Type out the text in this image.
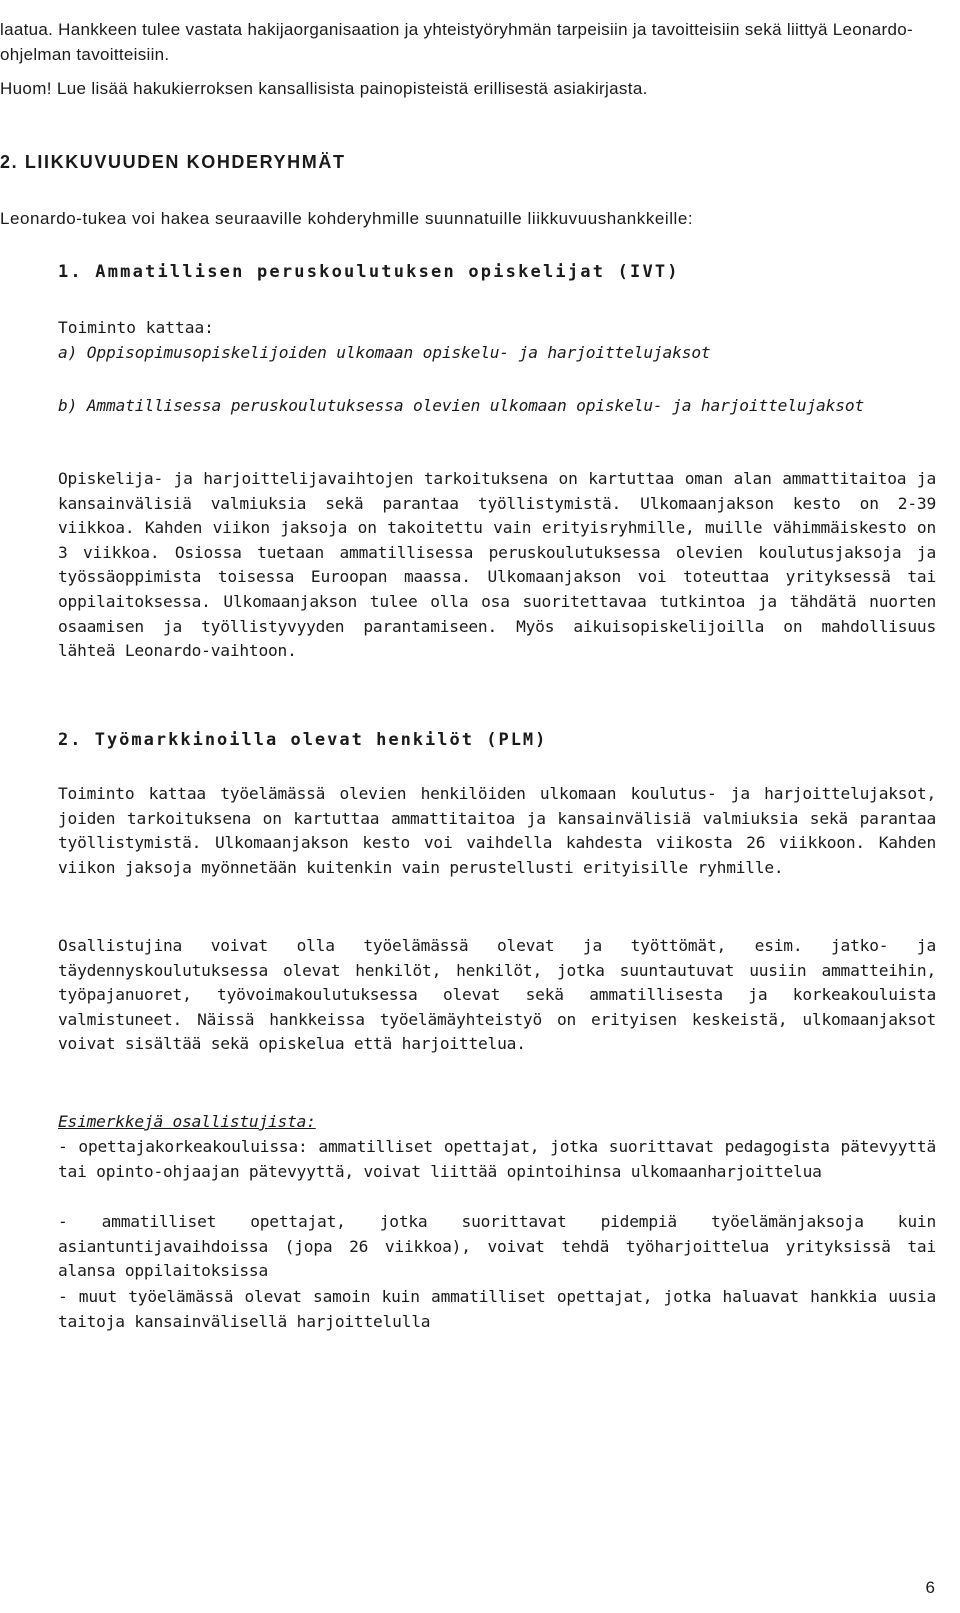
laatua. Hankkeen tulee vastata hakijaorganisaation ja yhteistyöryhmän tarpeisiin ja tavoitteisiin sekä liittyä Leonardo-ohjelman tavoitteisiin.

Huom! Lue lisää hakukierroksen kansallisista painopisteistä erillisestä asiakirjasta.

2. LIIKKUVUUDEN KOHDERYHMÄT

Leonardo-tukea voi hakea seuraaville kohderyhmille suunnatuille liikkuvuushankkeille:

1. Ammatillisen peruskoulutuksen opiskelijat (IVT)

Toiminto kattaa:

a) Oppisopimusopiskelijoiden ulkomaan opiskelu- ja harjoittelujaksot

b) Ammatillisessa peruskoulutuksessa olevien ulkomaan opiskelu- ja harjoittelujaksot

Opiskelija- ja harjoittelijavaihtojen tarkoituksena on kartuttaa oman alan ammattitaitoa ja kansainvälisiä valmiuksia sekä parantaa työllistymistä. Ulkomaanjakson kesto on 2-39 viikkoa. Kahden viikon jaksoja on takoitettu vain erityisryhmille, muille vähimmäiskesto on 3 viikkoa. Osiossa tuetaan ammatillisessa peruskoulutuksessa olevien koulutusjaksoja ja työssäoppimista toisessa Euroopan maassa. Ulkomaanjakson voi toteuttaa yrityksessä tai oppilaitoksessa. Ulkomaanjakson tulee olla osa suoritettavaa tutkintoa ja tähdätä nuorten osaamisen ja työllistyvyyden parantamiseen. Myös aikuisopiskelijoilla on mahdollisuus lähteä Leonardo-vaihtoon.

2. Työmarkkinoilla olevat henkilöt (PLM)

Toiminto kattaa työelämässä olevien henkilöiden ulkomaan koulutus- ja harjoittelujaksot, joiden tarkoituksena on kartuttaa ammattitaitoa ja kansainvälisiä valmiuksia sekä parantaa työllistymistä. Ulkomaanjakson kesto voi vaihdella kahdesta viikosta 26 viikkoon. Kahden viikon jaksoja myönnetään kuitenkin vain perustellusti erityisille ryhmille.

Osallistujina voivat olla työelämässä olevat ja työttömät, esim. jatko- ja täydennyskoulutuksessa olevat henkilöt, henkilöt, jotka suuntautuvat uusiin ammatteihin, työpajanuoret, työvoimakoulutuksessa olevat sekä ammatillisesta ja korkeakouluista valmistuneet. Näissä hankkeissa työelämäyhteistyö on erityisen keskeistä, ulkomaanjaksot voivat sisältää sekä opiskelua että harjoittelua.

Esimerkkejä osallistujista:

- opettajakorkeakouluissa: ammatilliset opettajat, jotka suorittavat pedagogista pätevyyttä tai opinto-ohjaajan pätevyyttä, voivat liittää opintoihinsa ulkomaanharjoittelua

- ammatilliset opettajat, jotka suorittavat pidempiä työelämänjaksoja kuin asiantuntijavaihdoissa (jopa 26 viikkoa), voivat tehdä työharjoittelua yrityksissä tai alansa oppilaitoksissa

- muut työelämässä olevat samoin kuin ammatilliset opettajat, jotka haluavat hankkia uusia taitoja kansainvälisellä harjoittelulla

6
